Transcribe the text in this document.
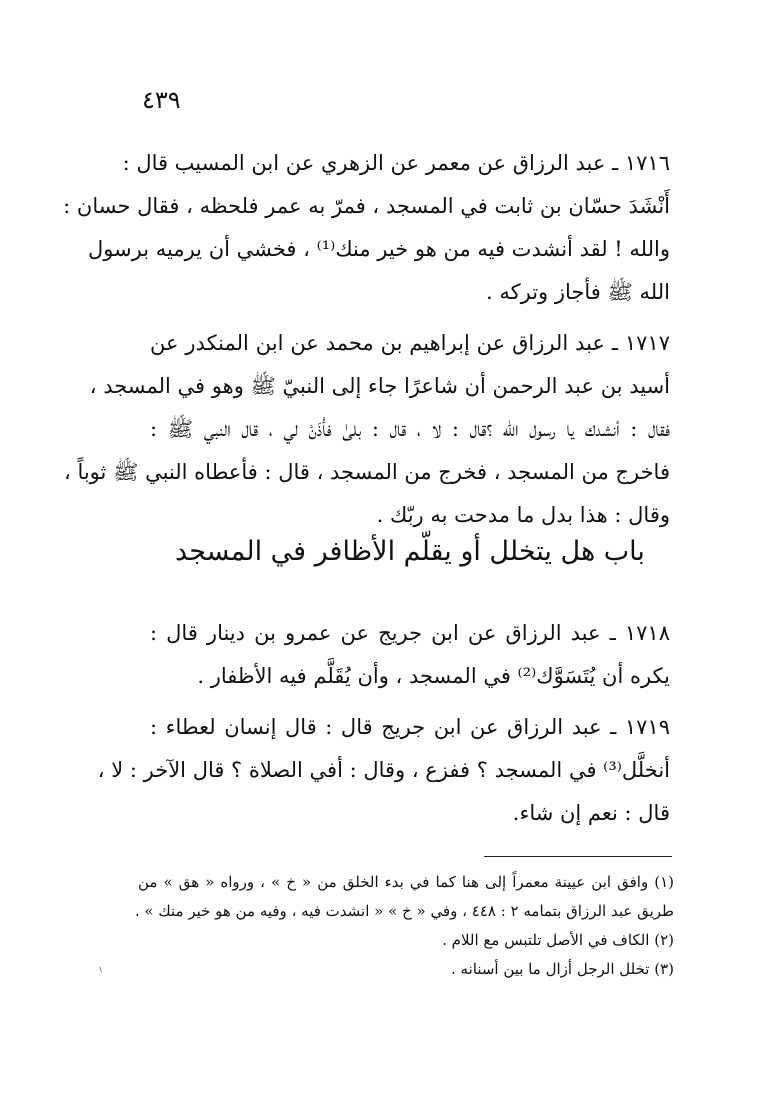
٤٣٩
١٧١٦ ـ عبد الرزاق عن معمر عن الزهري عن ابن المسيب قال :
أَنْشَدَ حسّان بن ثابت في المسجد ، فمرّ به عمر فلحظه ، فقال حسان :
والله ! لقد أنشدت فيه من هو خير منك⁽¹⁾ ، فخشي أن يرميه برسول
الله ﷺ فأجاز وتركه .
١٧١٧ ـ عبد الرزاق عن إبراهيم بن محمد عن ابن المنكدر عن
أسيد بن عبد الرحمن أن شاعرًا جاء إلى النبيّ ﷺ وهو في المسجد ،
فقال : أنشدك يا رسول الله ؟قال : لا ، قال : بلىٰ فأْذَنْ لي ، قال النبي ﷺ :
فاخرج من المسجد ، فخرج من المسجد ، قال : فأعطاه النبي ﷺ ثوباً ،
وقال : هذا بدل ما مدحت به ربّك .
باب هل يتخلل أو يقلّم الأظافر في المسجد
١٧١٨ ـ عبد الرزاق عن ابن جريج عن عمرو بن دينار قال :
يكره أن يُتَسَوَّك⁽²⁾ في المسجد ، وأن يُقَلَّم فيه الأظفار .
١٧١٩ ـ عبد الرزاق عن ابن جريج قال : قال إنسان لعطاء :
أنخلَّل⁽³⁾ في المسجد ؟ ففزع ، وقال : أفي الصلاة ؟ قال الآخر : لا ،
قال : نعم إن شاء.
(١) وافق ابن عيينة معمراً إلى هنا كما في بدء الخلق من « خ » ، ورواه « هق » من
طريق عبد الرزاق بتمامه ٢ : ٤٤٨ ، وفي « خ » « انشدت فيه ، وفيه من هو خير منك » .
(٢) الكاف في الأصل تلتبس مع اللام .
(٣) تخلل الرجل أزال ما بين أسنانه .
